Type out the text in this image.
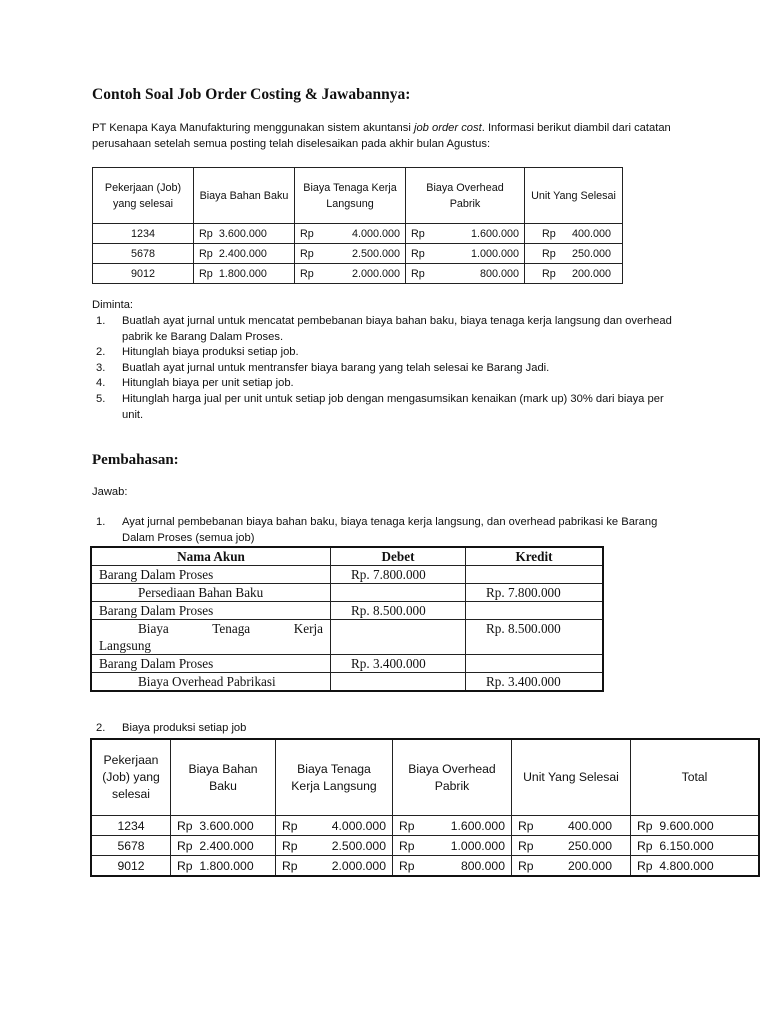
Contoh Soal Job Order Costing & Jawabannya:
PT Kenapa Kaya Manufakturing menggunakan sistem akuntansi job order cost. Informasi berikut diambil dari catatan perusahaan setelah semua posting telah diselesaikan pada akhir bulan Agustus:
Pekerjaan (Job) yang selesai	Biaya Bahan Baku	Biaya Tenaga Kerja Langsung	Biaya Overhead Pabrik	Unit Yang Selesai
1234	Rp 3.600.000	Rp 4.000.000	Rp 1.600.000	Rp 400.000

5678	Rp 2.400.000	Rp 2.500.000	Rp 1.000.000	Rp 250.000

9012	Rp 1.800.000	Rp 2.000.000	Rp 800.000	Rp 200.000
Diminta:
1.	Buatlah ayat jurnal untuk mencatat pembebanan biaya bahan baku, biaya tenaga kerja langsung dan overhead pabrik ke Barang Dalam Proses.
2.	Hitunglah biaya produksi setiap job.
3.	Buatlah ayat jurnal untuk mentransfer biaya barang yang telah selesai ke Barang Jadi.
4.	Hitunglah biaya per unit setiap job.
5.	Hitunglah harga jual per unit untuk setiap job dengan mengasumsikan kenaikan (mark up) 30% dari biaya per unit.
Pembahasan:
Jawab:
1.	Ayat jurnal pembebanan biaya bahan baku, biaya tenaga kerja langsung, dan overhead pabrikasi ke Barang Dalam Proses (semua job)
Nama Akun	Debet	Kredit
Barang Dalam Proses	Rp. 7.800.000	
Persediaan Bahan Baku		Rp. 7.800.000
Barang Dalam Proses	Rp. 8.500.000	

Biaya Tenaga Kerja
Langsung		Rp. 8.500.000
Barang Dalam Proses	Rp. 3.400.000	
Biaya Overhead Pabrikasi		Rp. 3.400.000
2.	Biaya produksi setiap job
Pekerjaan (Job) yang selesai	Biaya Bahan Baku	Biaya Tenaga Kerja Langsung	Biaya Overhead Pabrik	Unit Yang Selesai	Total
1234	Rp 3.600.000	Rp 4.000.000	Rp 1.600.000	Rp 400.000	Rp 9.600.000
5678	Rp 2.400.000	Rp 2.500.000	Rp 1.000.000	Rp 250.000	Rp 6.150.000
9012	Rp 1.800.000	Rp 2.000.000	Rp 800.000	Rp 200.000	Rp 4.800.000
